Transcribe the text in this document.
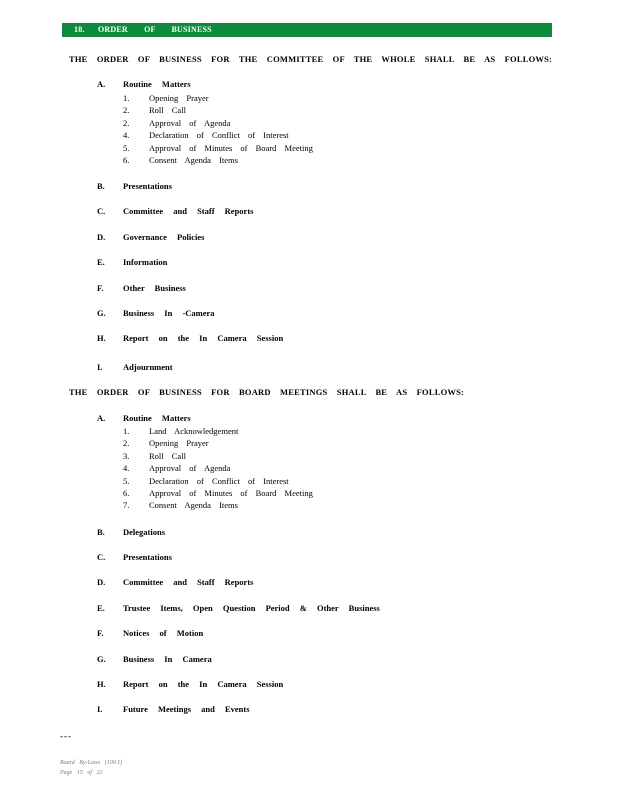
18. ORDER OF BUSINESS
THE ORDER OF BUSINESS FOR THE COMMITTEE OF THE WHOLE SHALL BE AS FOLLOWS:
A.	Routine Matters
1. Opening Prayer
2. Roll Call
2. Approval of Agenda
4. Declaration of Conflict of Interest
5. Approval of Minutes of Board Meeting
6. Consent Agenda Items
B.	Presentations
C.	Committee and Staff Reports
D.	Governance Policies
E.	Information
F.	Other Business
G.	Business In -Camera
H.	Report on the In Camera Session
I.	Adjournment
THE ORDER OF BUSINESS FOR BOARD MEETINGS SHALL BE AS FOLLOWS:
A.	Routine Matters
1. Land Acknowledgement
2. Opening Prayer
3. Roll Call
4. Approval of Agenda
5. Declaration of Conflict of Interest
6. Approval of Minutes of Board Meeting
7. Consent Agenda Items
B.	Delegations
C.	Presentations
D.	Committee and Staff Reports
E.	Trustee Items, Open Question Period & Other Business
F.	Notices of Motion
G.	Business In Camera
H.	Report on the In Camera Session
I.	Future Meetings and Events
---
Board By-Laws (100.1)
Page 15 of 22
